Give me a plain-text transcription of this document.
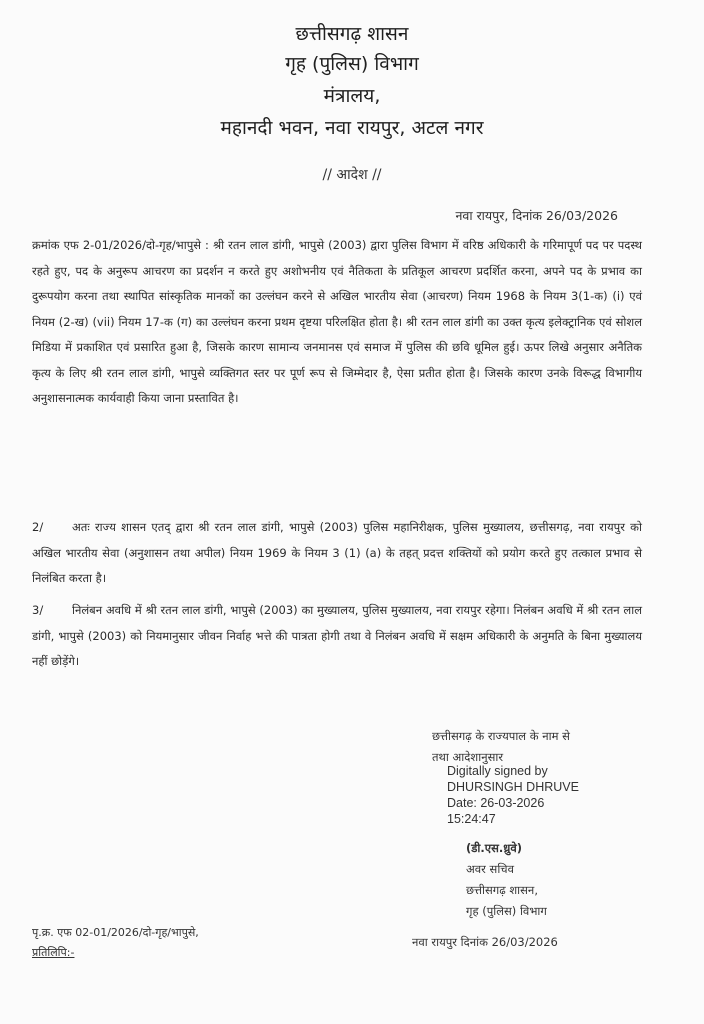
छत्तीसगढ़ शासन
गृह (पुलिस) विभाग
मंत्रालय,
महानदी भवन, नवा रायपुर, अटल नगर
// आदेश //
नवा रायपुर, दिनांक 26/03/2026
क्रमांक एफ 2-01/2026/दो-गृह/भापुसे : श्री रतन लाल डांगी, भापुसे (2003) द्वारा पुलिस विभाग में वरिष्ठ अधिकारी के गरिमापूर्ण पद पर पदस्थ रहते हुए, पद के अनुरूप आचरण का प्रदर्शन न करते हुए अशोभनीय एवं नैतिकता के प्रतिकूल आचरण प्रदर्शित करना, अपने पद के प्रभाव का दुरूपयोग करना तथा स्थापित सांस्कृतिक मानकों का उल्लंघन करने से अखिल भारतीय सेवा (आचरण) नियम 1968 के नियम 3(1-क) (i) एवं नियम (2-ख) (vii) नियम 17-क (ग) का उल्लंघन करना प्रथम दृष्टया परिलक्षित होता है। श्री रतन लाल डांगी का उक्त कृत्य इलेक्ट्रानिक एवं सोशल मिडिया में प्रकाशित एवं प्रसारित हुआ है, जिसके कारण सामान्य जनमानस एवं समाज में पुलिस की छवि धूमिल हुई। ऊपर लिखे अनुसार अनैतिक कृत्य के लिए श्री रतन लाल डांगी, भापुसे व्यक्तिगत स्तर पर पूर्ण रूप से जिम्मेदार है, ऐसा प्रतीत होता है। जिसके कारण उनके विरूद्ध विभागीय अनुशासनात्मक कार्यवाही किया जाना प्रस्तावित है।
2/	अतः राज्य शासन एतद् द्वारा श्री रतन लाल डांगी, भापुसे (2003) पुलिस महानिरीक्षक, पुलिस मुख्यालय, छत्तीसगढ़, नवा रायपुर को अखिल भारतीय सेवा (अनुशासन तथा अपील) नियम 1969 के नियम 3 (1) (a) के तहत् प्रदत्त शक्तियों को प्रयोग करते हुए तत्काल प्रभाव से निलंबित करता है।
3/	निलंबन अवधि में श्री रतन लाल डांगी, भापुसे (2003) का मुख्यालय, पुलिस मुख्यालय, नवा रायपुर रहेगा। निलंबन अवधि में श्री रतन लाल डांगी, भापुसे (2003) को नियमानुसार जीवन निर्वाह भत्ते की पात्रता होगी तथा वे निलंबन अवधि में सक्षम अधिकारी के अनुमति के बिना मुख्यालय नहीं छोड़ेंगे।
छत्तीसगढ़ के राज्यपाल के नाम से
तथा आदेशानुसार
Digitally signed by
DHURSINGH DHRUVE
Date: 26-03-2026
15:24:47
(डी.एस.ध्रुवे)
अवर सचिव
छत्तीसगढ़ शासन,
गृह (पुलिस) विभाग
पृ.क्र. एफ 02-01/2026/दो-गृह/भापुसे,
प्रतिलिपि:-
नवा रायपुर दिनांक 26/03/2026
